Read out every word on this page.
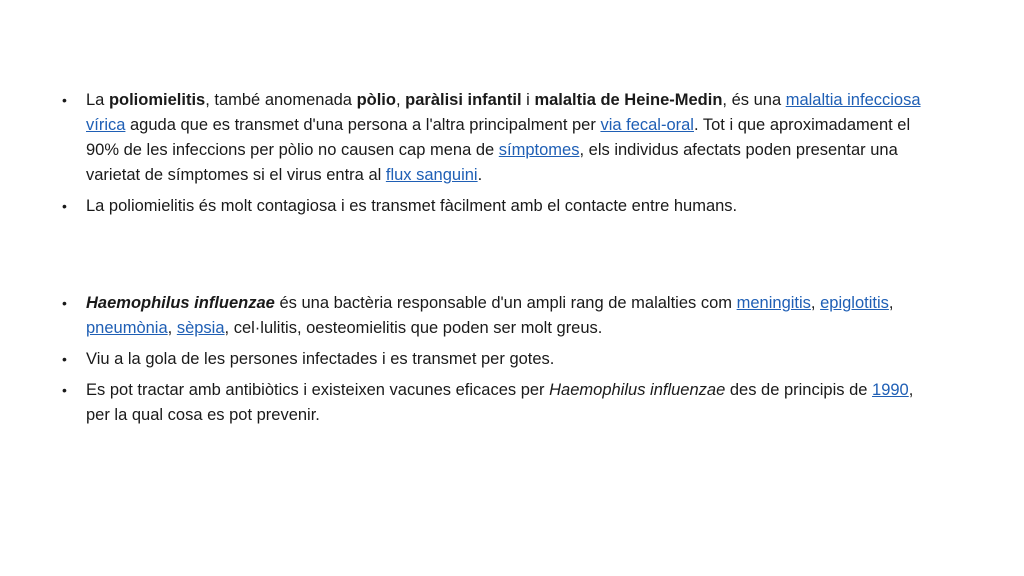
• La poliomielitis, també anomenada pòlio, paràlisi infantil i malaltia de Heine-Medin, és una malaltia infecciosa vírica aguda que es transmet d'una persona a l'altra principalment per via fecal-oral. Tot i que aproximadament el 90% de les infeccions per pòlio no causen cap mena de símptomes, els individus afectats poden presentar una varietat de símptomes si el virus entra al flux sanguini.
• La poliomielitis és molt contagiosa i es transmet fàcilment amb el contacte entre humans.
• Haemophilus influenzae és una bactèria responsable d'un ampli rang de malalties com meningitis, epiglotitis, pneumònia, sèpsia, cel·lulitis, oesteomielitis que poden ser molt greus.
• Viu a la gola de les persones infectades i es transmet per gotes.
• Es pot tractar amb antibiòtics i existeixen vacunes eficaces per Haemophilus influenzae des de principis de 1990, per la qual cosa es pot prevenir.
